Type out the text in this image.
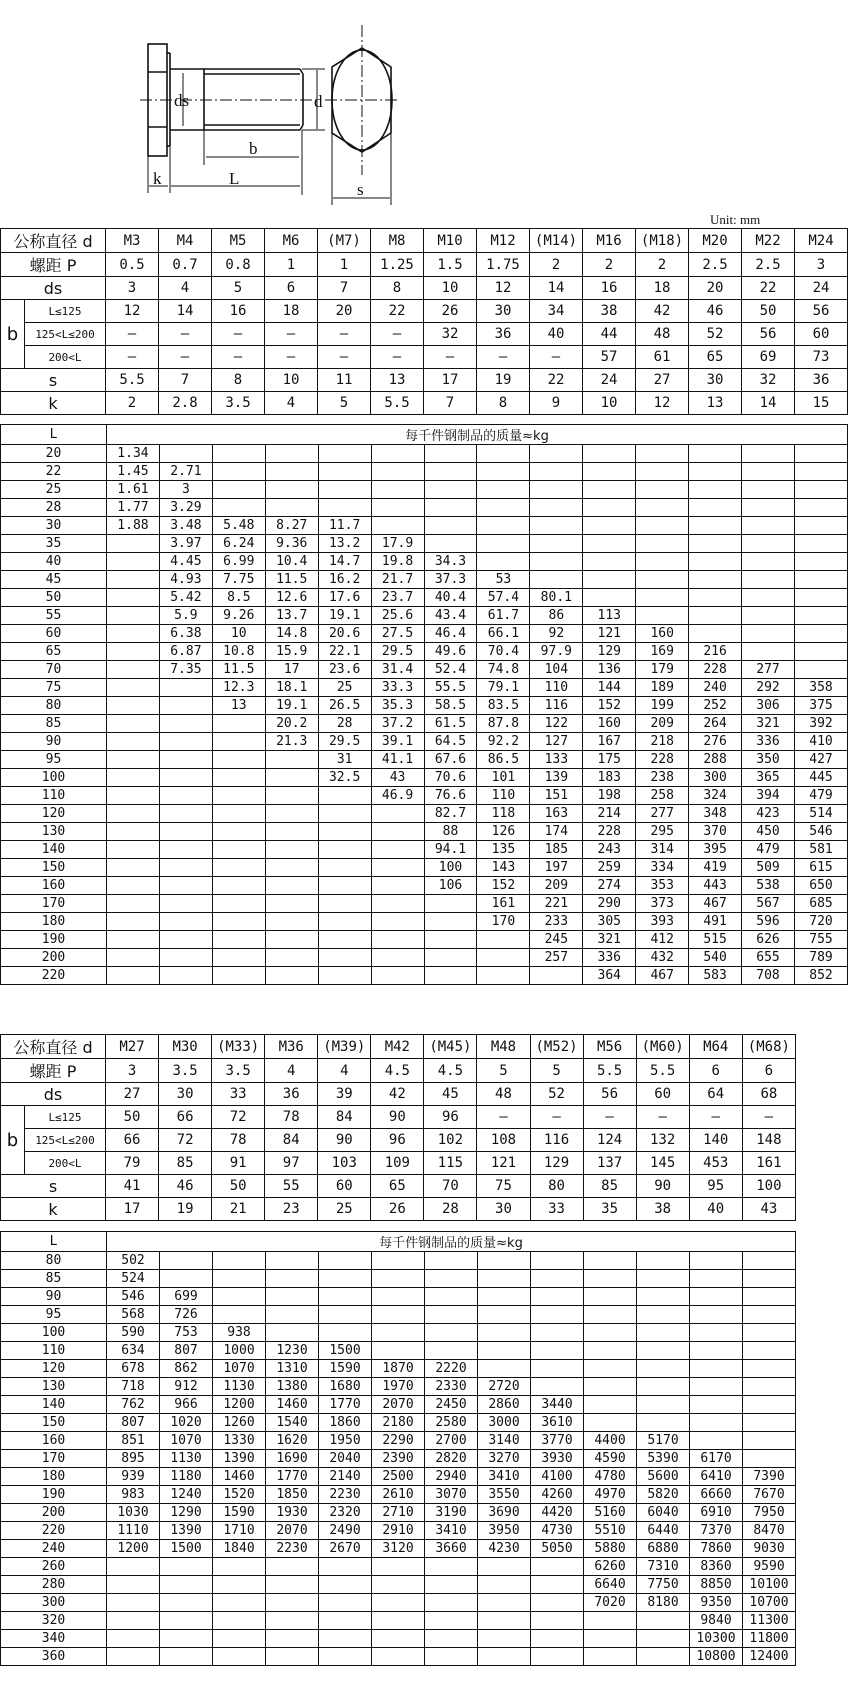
ds	d
b
k	L
s
Unit: mm
公称直径 d		M3	M4	M5	M6	(M7)	M8	M10	M12	(M14)	M16	(M18)	M20	M22	M24
螺距 P		0.5	0.7	0.8	1	1	1.25	1.5	1.75	2	2	2	2.5	2.5	3
ds		3	4	5	6	7	8	10	12	14	16	18	20	22	24
b	L≤125	12	14	16	18	20	22	26	30	34	38	42	46	50	56
	125<L≤200	—	—	—	—	—	—	32	36	40	44	48	52	56	60
	200<L	—	—	—	—	—	—	—	—	—	57	61	65	69	73
s		5.5	7	8	10	11	13	17	19	22	24	27	30	32	36
k		2	2.8	3.5	4	5	5.5	7	8	9	10	12	13	14	15
L	每千件钢制品的质量≈kg													
20	1.34													
22	1.45	2.71												
25	1.61	3												
28	1.77	3.29												
30	1.88	3.48	5.48	8.27	11.7									
35		3.97	6.24	9.36	13.2	17.9								
40		4.45	6.99	10.4	14.7	19.8	34.3							
45		4.93	7.75	11.5	16.2	21.7	37.3	53						
50		5.42	8.5	12.6	17.6	23.7	40.4	57.4	80.1					
55		5.9	9.26	13.7	19.1	25.6	43.4	61.7	86	113				
60		6.38	10	14.8	20.6	27.5	46.4	66.1	92	121	160			
65		6.87	10.8	15.9	22.1	29.5	49.6	70.4	97.9	129	169	216		
70		7.35	11.5	17	23.6	31.4	52.4	74.8	104	136	179	228	277	
75			12.3	18.1	25	33.3	55.5	79.1	110	144	189	240	292	358
80			13	19.1	26.5	35.3	58.5	83.5	116	152	199	252	306	375
85				20.2	28	37.2	61.5	87.8	122	160	209	264	321	392
90				21.3	29.5	39.1	64.5	92.2	127	167	218	276	336	410
95					31	41.1	67.6	86.5	133	175	228	288	350	427
100					32.5	43	70.6	101	139	183	238	300	365	445
110						46.9	76.6	110	151	198	258	324	394	479
120							82.7	118	163	214	277	348	423	514
130							88	126	174	228	295	370	450	546
140							94.1	135	185	243	314	395	479	581
150							100	143	197	259	334	419	509	615
160							106	152	209	274	353	443	538	650
170								161	221	290	373	467	567	685
180								170	233	305	393	491	596	720
190									245	321	412	515	626	755
200									257	336	432	540	655	789
220										364	467	583	708	852
公称直径 d		M27	M30	(M33)	M36	(M39)	M42	(M45)	M48	(M52)	M56	(M60)	M64	(M68)
螺距 P		3	3.5	3.5	4	4	4.5	4.5	5	5	5.5	5.5	6	6
ds		27	30	33	36	39	42	45	48	52	56	60	64	68
b	L≤125	50	66	72	78	84	90	96	—	—	—	—	—	—
	125<L≤200	66	72	78	84	90	96	102	108	116	124	132	140	148
	200<L	79	85	91	97	103	109	115	121	129	137	145	453	161
s		41	46	50	55	60	65	70	75	80	85	90	95	100
k		17	19	21	23	25	26	28	30	33	35	38	40	43
L	每千件钢制品的质量≈kg												
80	502												
85	524												
90	546	699											
95	568	726											
100	590	753	938										
110	634	807	1000	1230	1500								
120	678	862	1070	1310	1590	1870	2220						
130	718	912	1130	1380	1680	1970	2330	2720					
140	762	966	1200	1460	1770	2070	2450	2860	3440				
150	807	1020	1260	1540	1860	2180	2580	3000	3610				
160	851	1070	1330	1620	1950	2290	2700	3140	3770	4400	5170		
170	895	1130	1390	1690	2040	2390	2820	3270	3930	4590	5390	6170	
180	939	1180	1460	1770	2140	2500	2940	3410	4100	4780	5600	6410	7390
190	983	1240	1520	1850	2230	2610	3070	3550	4260	4970	5820	6660	7670
200	1030	1290	1590	1930	2320	2710	3190	3690	4420	5160	6040	6910	7950
220	1110	1390	1710	2070	2490	2910	3410	3950	4730	5510	6440	7370	8470
240	1200	1500	1840	2230	2670	3120	3660	4230	5050	5880	6880	7860	9030
260										6260	7310	8360	9590
280										6640	7750	8850	10100
300										7020	8180	9350	10700
320												9840	11300
340												10300	11800
360												10800	12400
